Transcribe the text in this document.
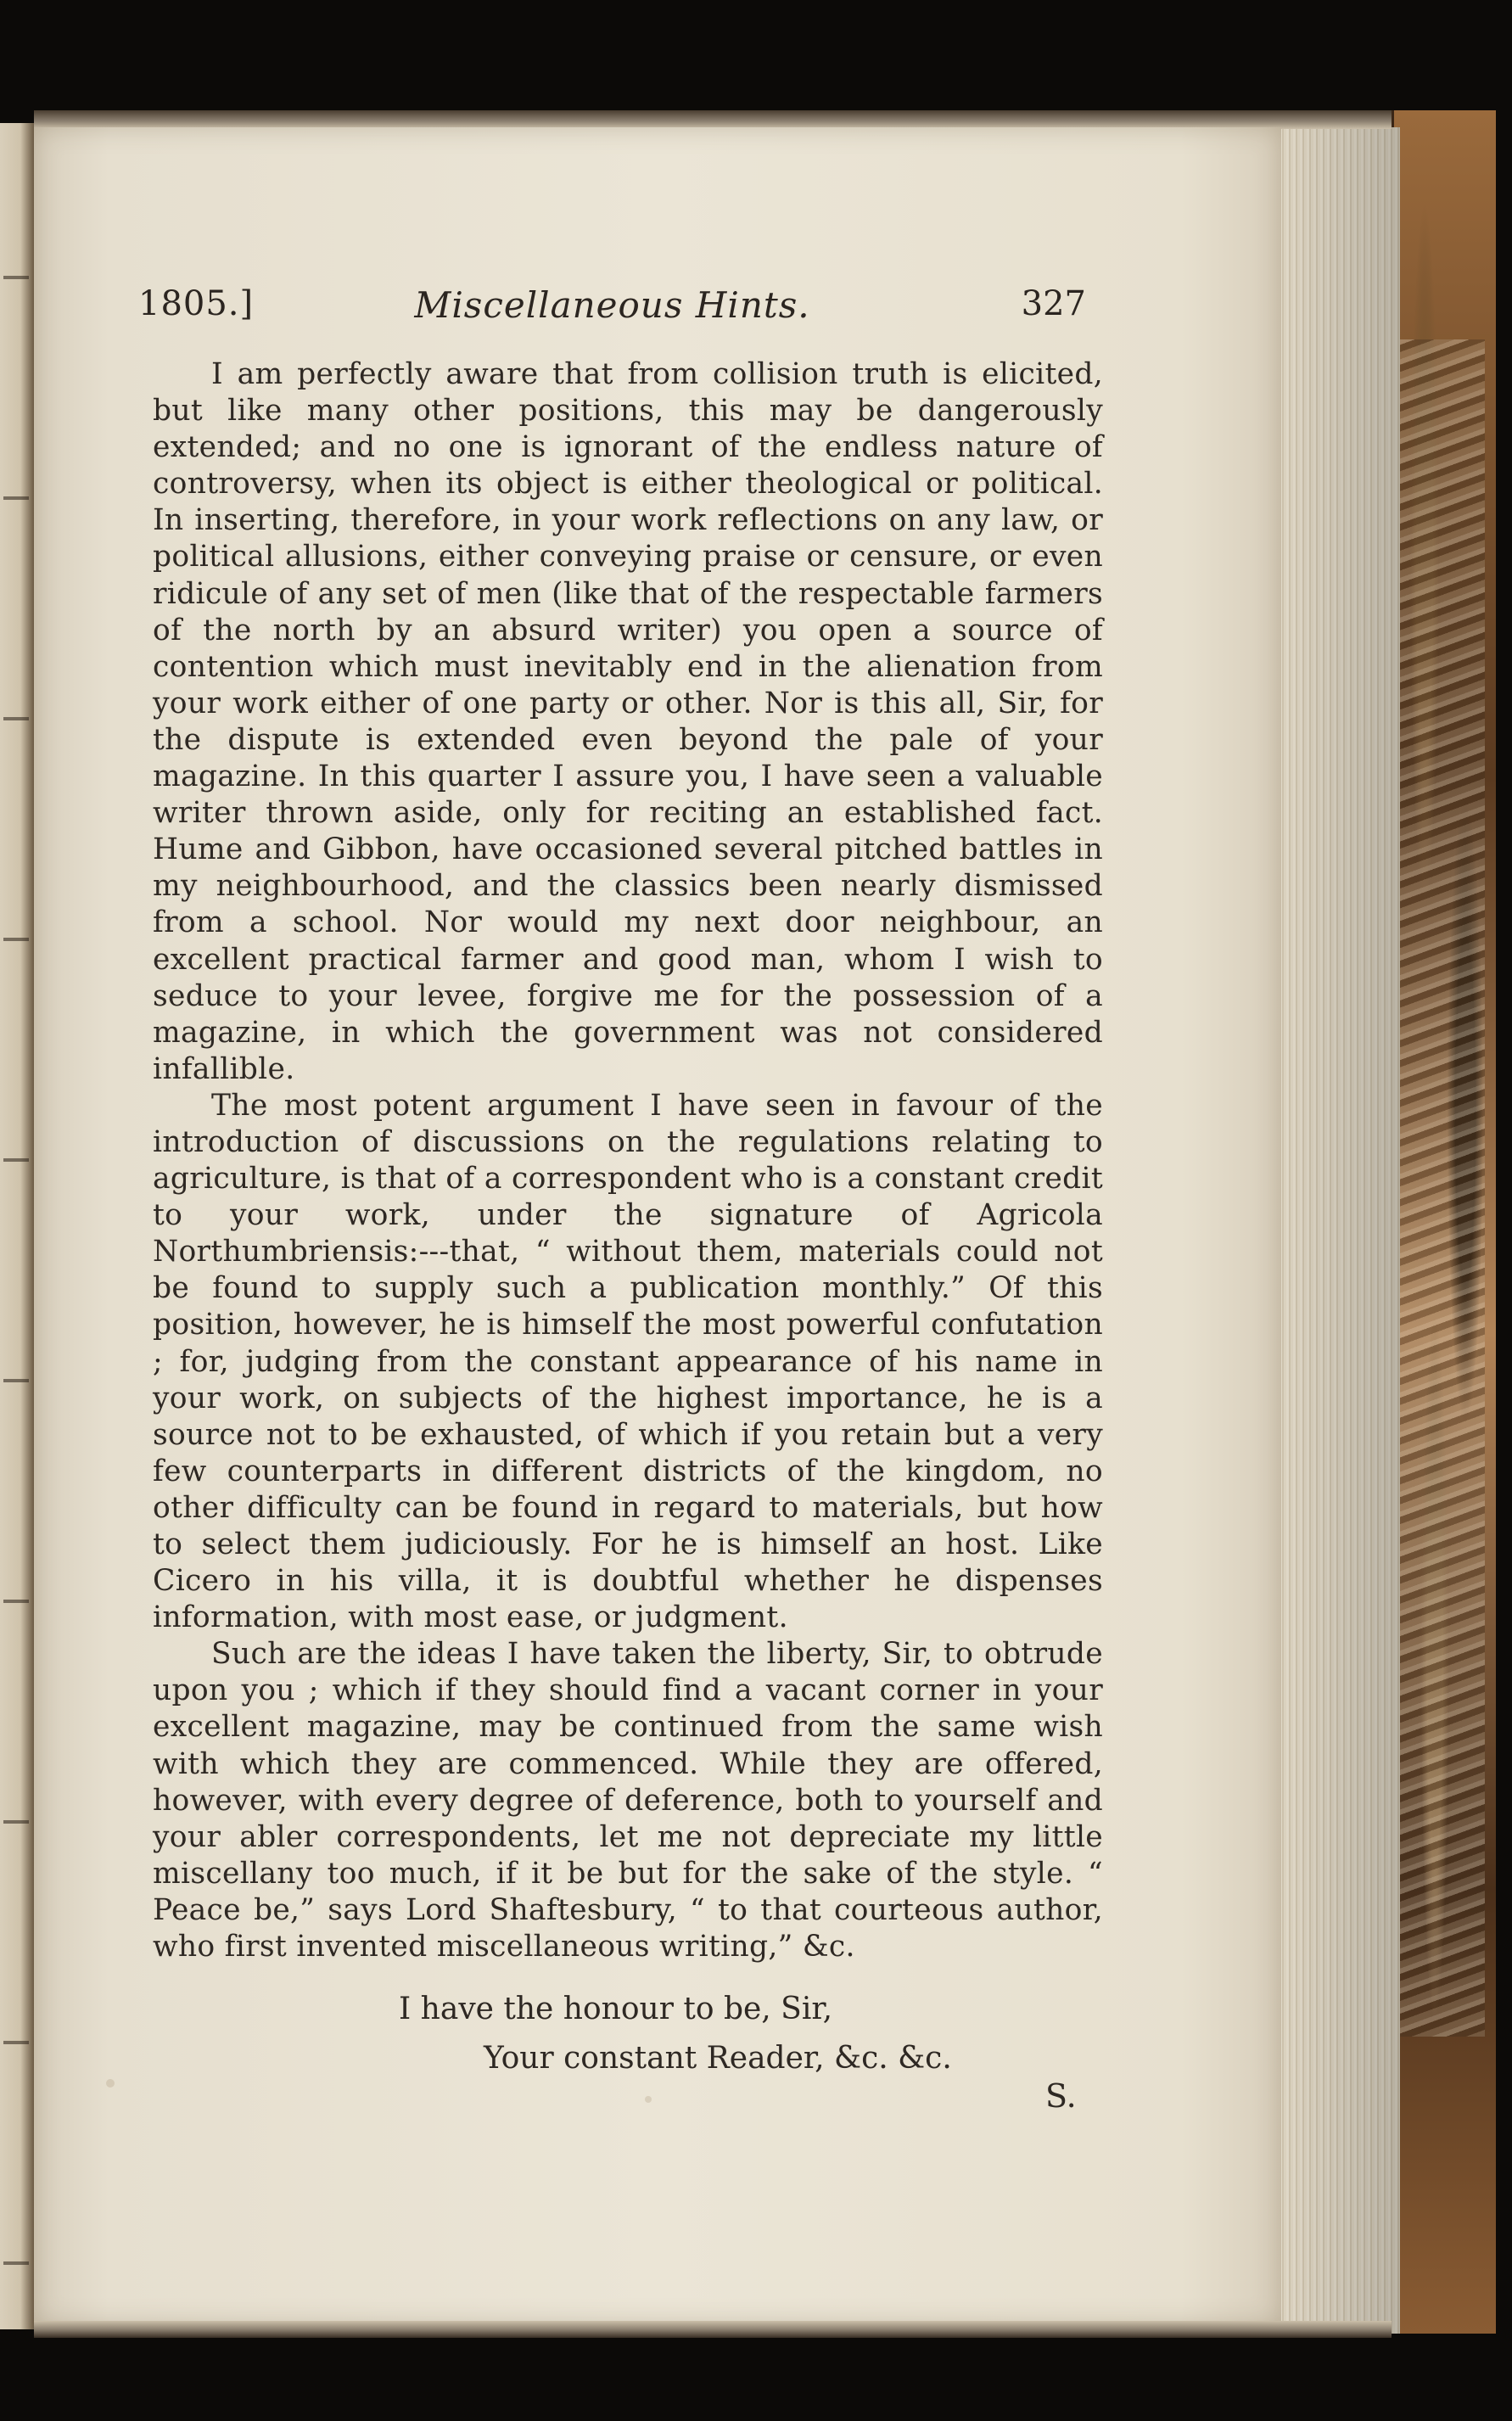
1805.]	Miscellaneous Hints.	327

I am perfectly aware that from collision truth is elicited, but like many other positions, this may be dangerously extended; and no one is ignorant of the endless nature of controversy, when its object is either theological or political. In inserting, therefore, in your work reflections on any law, or political allusions, either conveying praise or censure, or even ridicule of any set of men (like that of the respectable farmers of the north by an absurd writer) you open a source of contention which must inevitably end in the alienation from your work either of one party or other. Nor is this all, Sir, for the dispute is extended even beyond the pale of your magazine. In this quarter I assure you, I have seen a valuable writer thrown aside, only for reciting an established fact. Hume and Gibbon, have occasioned several pitched battles in my neighbourhood, and the classics been nearly dismissed from a school. Nor would my next door neighbour, an excellent practical farmer and good man, whom I wish to seduce to your levee, forgive me for the possession of a magazine, in which the government was not considered infallible.

The most potent argument I have seen in favour of the introduction of discussions on the regulations relating to agriculture, is that of a correspondent who is a constant credit to your work, under the signature of Agricola Northumbriensis:---that, “ without them, materials could not be found to supply such a publication monthly.” Of this position, however, he is himself the most powerful confutation ; for, judging from the constant appearance of his name in your work, on subjects of the highest importance, he is a source not to be exhausted, of which if you retain but a very few counterparts in different districts of the kingdom, no other difficulty can be found in regard to materials, but how to select them judiciously. For he is himself an host. Like Cicero in his villa, it is doubtful whether he dispenses information, with most ease, or judgment.

Such are the ideas I have taken the liberty, Sir, to obtrude upon you ; which if they should find a vacant corner in your excellent magazine, may be continued from the same wish with which they are commenced. While they are offered, however, with every degree of deference, both to yourself and your abler correspondents, let me not depreciate my little miscellany too much, if it be but for the sake of the style. “ Peace be,” says Lord Shaftesbury, “ to that courteous author, who first invented miscellaneous writing,” &c.

I have the honour to be, Sir,
Your constant Reader, &c. &c.
S.
